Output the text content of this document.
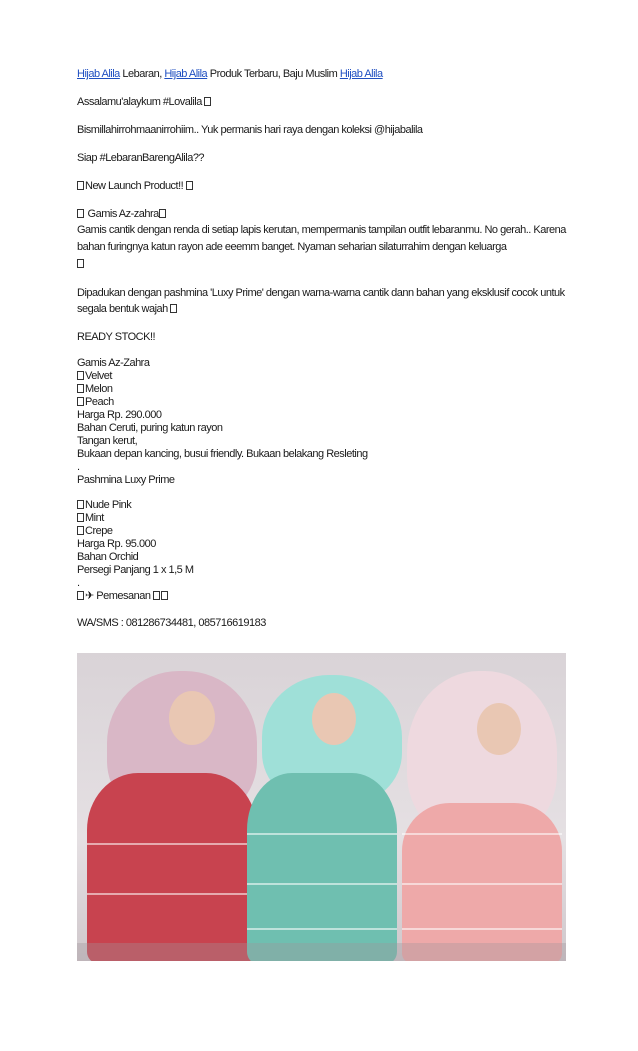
Hijab Alila Lebaran, Hijab Alila Produk Terbaru, Baju Muslim Hijab Alila

Assalamu'alaykum #Lovalila

Bismillahirrohmaanirrohiim.. Yuk permanis hari raya dengan koleksi @hijabalila

Siap #LebaranBarengAlila??

New Launch Product!!

Gamis Az-zahra

Gamis cantik dengan renda di setiap lapis kerutan, mempermanis tampilan outfit lebaranmu. No gerah.. Karena bahan furingnya katun rayon ade eeemm banget. Nyaman seharian silaturrahim dengan keluarga

Dipadukan dengan pashmina 'Luxy Prime' dengan warna-warna cantik dann bahan yang eksklusif cocok untuk segala bentuk wajah

READY STOCK!!

Gamis Az-Zahra
Velvet
Melon
Peach
Harga Rp. 290.000
Bahan Ceruti, puring katun rayon
Tangan kerut,
Bukaan depan kancing, busui friendly. Bukaan belakang Resleting
.
Pashmina Luxy Prime
Nude Pink
Mint
Crepe
Harga Rp. 95.000
Bahan Orchid
Persegi Panjang 1 x 1,5 M
.
✈ Pemesanan

WA/SMS : 081286734481, 085716619183
